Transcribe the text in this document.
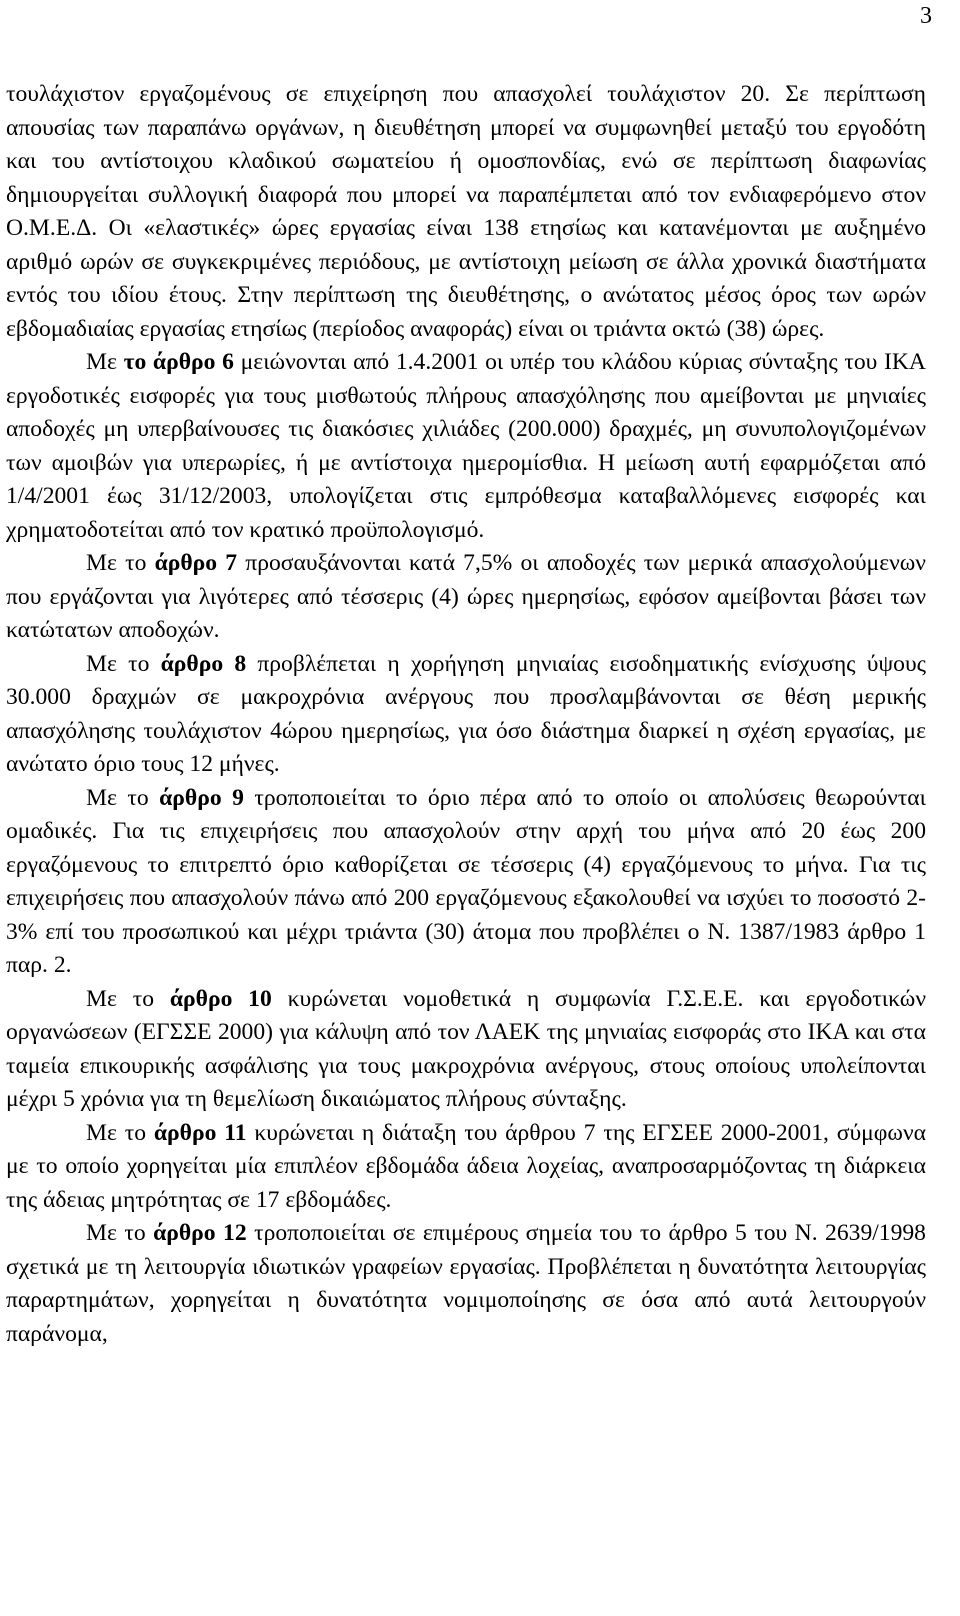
3

τουλάχιστον εργαζομένους σε επιχείρηση που απασχολεί τουλάχιστον 20. Σε περίπτωση απουσίας των παραπάνω οργάνων, η διευθέτηση μπορεί να συμφωνηθεί μεταξύ του εργοδότη και του αντίστοιχου κλαδικού σωματείου ή ομοσπονδίας, ενώ σε περίπτωση διαφωνίας δημιουργείται συλλογική διαφορά που μπορεί να παραπέμπεται από τον ενδιαφερόμενο στον Ο.Μ.Ε.Δ. Οι «ελαστικές» ώρες εργασίας είναι 138 ετησίως και κατανέμονται με αυξημένο αριθμό ωρών σε συγκεκριμένες περιόδους, με αντίστοιχη μείωση σε άλλα χρονικά διαστήματα εντός του ιδίου έτους. Στην περίπτωση της διευθέτησης, ο ανώτατος μέσος όρος των ωρών εβδομαδιαίας εργασίας ετησίως (περίοδος αναφοράς) είναι οι τριάντα οκτώ (38) ώρες.

Με το άρθρο 6 μειώνονται από 1.4.2001 οι υπέρ του κλάδου κύριας σύνταξης του ΙΚΑ εργοδοτικές εισφορές για τους μισθωτούς πλήρους απασχόλησης που αμείβονται με μηνιαίες αποδοχές μη υπερβαίνουσες τις διακόσιες χιλιάδες (200.000) δραχμές, μη συνυπολογιζομένων των αμοιβών για υπερωρίες, ή με αντίστοιχα ημερομίσθια. Η μείωση αυτή εφαρμόζεται από 1/4/2001 έως 31/12/2003, υπολογίζεται στις εμπρόθεσμα καταβαλλόμενες εισφορές και χρηματοδοτείται από τον κρατικό προϋπολογισμό.

Με το άρθρο 7 προσαυξάνονται κατά 7,5% οι αποδοχές των μερικά απασχολούμενων που εργάζονται για λιγότερες από τέσσερις (4) ώρες ημερησίως, εφόσον αμείβονται βάσει των κατώτατων αποδοχών.

Με το άρθρο 8 προβλέπεται η χορήγηση μηνιαίας εισοδηματικής ενίσχυσης ύψους 30.000 δραχμών σε μακροχρόνια ανέργους που προσλαμβάνονται σε θέση μερικής απασχόλησης τουλάχιστον 4ώρου ημερησίως, για όσο διάστημα διαρκεί η σχέση εργασίας, με ανώτατο όριο τους 12 μήνες.

Με το άρθρο 9 τροποποιείται το όριο πέρα από το οποίο οι απολύσεις θεωρούνται ομαδικές. Για τις επιχειρήσεις που απασχολούν στην αρχή του μήνα από 20 έως 200 εργαζόμενους το επιτρεπτό όριο καθορίζεται σε τέσσερις (4) εργαζόμενους το μήνα. Για τις επιχειρήσεις που απασχολούν πάνω από 200 εργαζόμενους εξακολουθεί να ισχύει το ποσοστό 2-3% επί του προσωπικού και μέχρι τριάντα (30) άτομα που προβλέπει ο Ν. 1387/1983 άρθρο 1 παρ. 2.

Με το άρθρο 10 κυρώνεται νομοθετικά η συμφωνία Γ.Σ.Ε.Ε. και εργοδοτικών οργανώσεων (ΕΓΣΣΕ 2000) για κάλυψη από τον ΛΑΕΚ της μηνιαίας εισφοράς στο ΙΚΑ και στα ταμεία επικουρικής ασφάλισης για τους μακροχρόνια ανέργους, στους οποίους υπολείπονται μέχρι 5 χρόνια για τη θεμελίωση δικαιώματος πλήρους σύνταξης.

Με το άρθρο 11 κυρώνεται η διάταξη του άρθρου 7 της ΕΓΣΕΕ 2000-2001, σύμφωνα με το οποίο χορηγείται μία επιπλέον εβδομάδα άδεια λοχείας, αναπροσαρμόζοντας τη διάρκεια της άδειας μητρότητας σε 17 εβδομάδες.

Με το άρθρο 12 τροποποιείται σε επιμέρους σημεία του το άρθρο 5 του Ν. 2639/1998 σχετικά με τη λειτουργία ιδιωτικών γραφείων εργασίας. Προβλέπεται η δυνατότητα λειτουργίας παραρτημάτων, χορηγείται η δυνατότητα νομιμοποίησης σε όσα από αυτά λειτουργούν παράνομα,
